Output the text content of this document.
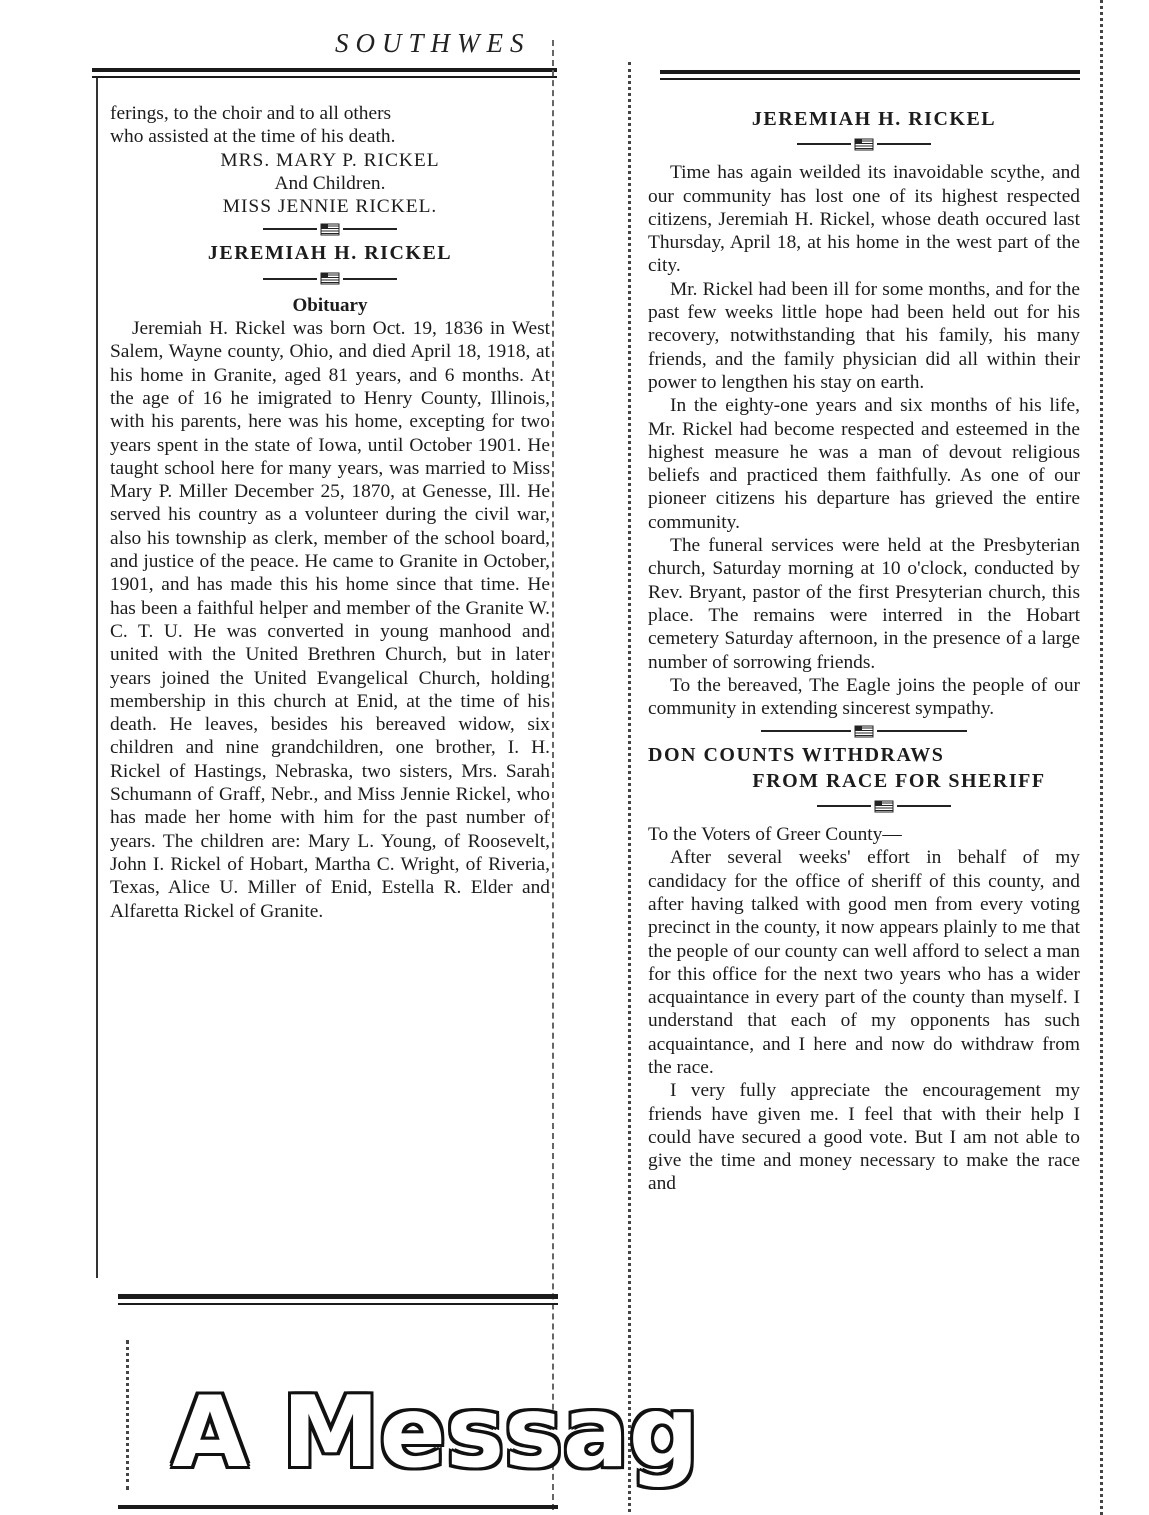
SOUTHWES
ferings, to the choir and to all others
who assisted at the time of his death.
MRS. MARY P. RICKEL
And Children.
MISS JENNIE RICKEL.
JEREMIAH H. RICKEL
Obituary

Jeremiah H. Rickel was born Oct. 19, 1836 in West Salem, Wayne county, Ohio, and died April 18, 1918, at his home in Granite, aged 81 years, and 6 months. At the age of 16 he imigrated to Henry County, Illinois, with his parents, here was his home, excepting for two years spent in the state of Iowa, until October 1901. He taught school here for many years, was married to Miss Mary P. Miller December 25, 1870, at Genesse, Ill. He served his country as a volunteer during the civil war, also his township as clerk, member of the school board, and justice of the peace. He came to Granite in October, 1901, and has made this his home since that time. He has been a faithful helper and member of the Granite W. C. T. U. He was converted in young manhood and united with the United Brethren Church, but in later years joined the United Evangelical Church, holding membership in this church at Enid, at the time of his death. He leaves, besides his bereaved widow, six children and nine grandchildren, one brother, I. H. Rickel of Hastings, Nebraska, two sisters, Mrs. Sarah Schumann of Graff, Nebr., and Miss Jennie Rickel, who has made her home with him for the past number of years. The children are: Mary L. Young, of Roosevelt, John I. Rickel of Hobart, Martha C. Wright, of Riveria, Texas, Alice U. Miller of Enid, Estella R. Elder and Alfaretta Rickel of Granite.

A Messag
JEREMIAH H. RICKEL

Time has again weilded its inavoidable scythe, and our community has lost one of its highest respected citizens, Jeremiah H. Rickel, whose death occured last Thursday, April 18, at his home in the west part of the city.

Mr. Rickel had been ill for some months, and for the past few weeks little hope had been held out for his recovery, notwithstanding that his family, his many friends, and the family physician did all within their power to lengthen his stay on earth.

In the eighty-one years and six months of his life, Mr. Rickel had become respected and esteemed in the highest measure he was a man of devout religious beliefs and practiced them faithfully. As one of our pioneer citizens his departure has grieved the entire community.

The funeral services were held at the Presbyterian church, Saturday morning at 10 o'clock, conducted by Rev. Bryant, pastor of the first Presyterian church, this place. The remains were interred in the Hobart cemetery Saturday afternoon, in the presence of a large number of sorrowing friends.

To the bereaved, The Eagle joins the people of our community in extending sincerest sympathy.

DON COUNTS WITHDRAWS
FROM RACE FOR SHERIFF
To the Voters of Greer County—

After several weeks' effort in behalf of my candidacy for the office of sheriff of this county, and after having talked with good men from every voting precinct in the county, it now appears plainly to me that the people of our county can well afford to select a man for this office for the next two years who has a wider acquaintance in every part of the county than myself. I understand that each of my opponents has such acquaintance, and I here and now do withdraw from the race.

I very fully appreciate the encouragement my friends have given me. I feel that with their help I could have secured a good vote. But I am not able to give the time and money necessary to make the race and
